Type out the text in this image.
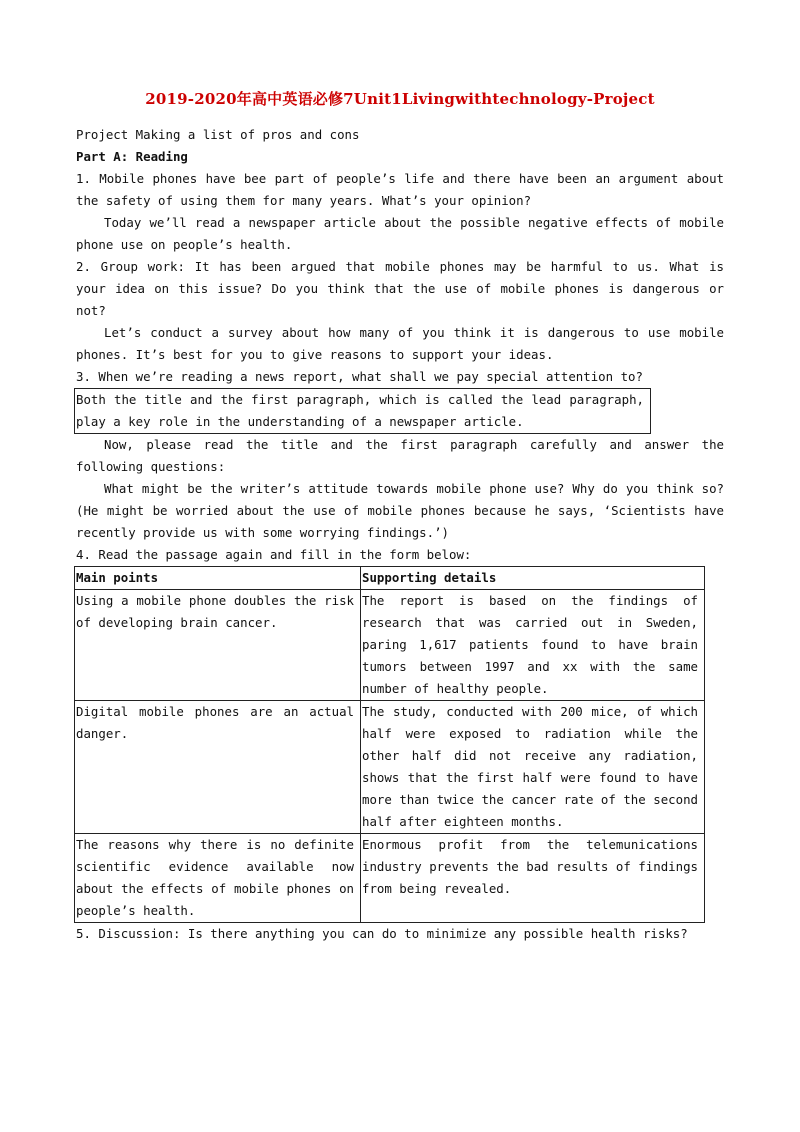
2019-2020年高中英语必修7Unit1Livingwithtechnology-Project

Project Making a list of pros and cons

Part A: Reading

1. Mobile phones have bee part of people’s life and there have been an argument about the safety of using them for many years. What’s your opinion?

Today we’ll read a newspaper article about the possible negative effects of mobile phone use on people’s health.

2. Group work: It has been argued that mobile phones may be harmful to us. What is your idea on this issue? Do you think that the use of mobile phones is dangerous or not?

Let’s conduct a survey about how many of you think it is dangerous to use mobile phones. It’s best for you to give reasons to support your ideas.

3. When we’re reading a news report, what shall we pay special attention to?

Both the title and the first paragraph, which is called the lead paragraph, play a key role in the understanding of a newspaper article.

Now, please read the title and the first paragraph carefully and answer the following questions:

What might be the writer’s attitude towards mobile phone use? Why do you think so? (He might be worried about the use of mobile phones because he says, ‘Scientists have recently provide us with some worrying findings.’)

4. Read the passage again and fill in the form below:

Main points	Supporting details
Using a mobile phone doubles the risk of developing brain cancer.	The report is based on the findings of research that was carried out in Sweden, paring 1,617 patients found to have brain tumors between 1997 and xx with the same number of healthy people.
Digital mobile phones are an actual danger.	The study, conducted with 200 mice, of which half were exposed to radiation while the other half did not receive any radiation, shows that the first half were found to have more than twice the cancer rate of the second half after eighteen months.
The reasons why there is no definite scientific evidence available now about the effects of mobile phones on people’s health.	Enormous profit from the telemunications industry prevents the bad results of findings from being revealed.

5. Discussion: Is there anything you can do to minimize any possible health risks?
